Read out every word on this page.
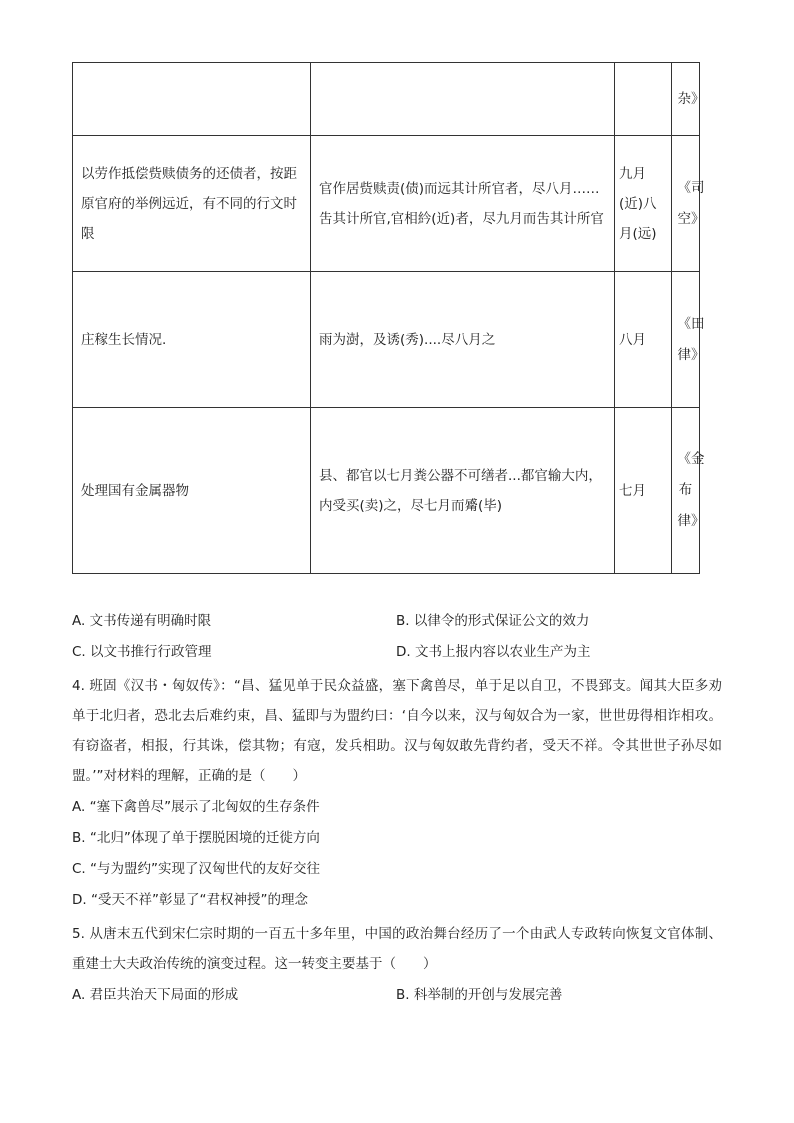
			杂》

以劳作抵偿赀赎债务的还债者，按距原官府的举例远近，有不同的行文时限	官作居赀赎责(债)而远其计所官者，尽八月……吿其计所官,官相紟(近)者，尽九月而吿其计所官	九月(近)八月(远)	《司空》

庄稼生长情况.	雨为澍，及诱(秀)....尽八月之	八月	《田律》

处理国有金属器物	县、都官以七月粪公器不可缮者...都官输大内，内受买(卖)之，尽七月而觱(毕)	七月	《金布律》
A. 文书传递有明确时限	B. 以律令的形式保证公文的效力
C. 以文书推行行政管理	D. 文书上报内容以农业生产为主
4. 班固《汉书・匈奴传》：“昌、猛见单于民众益盛，塞下禽兽尽，单于足以自卫，不畏郅支。闻其大臣多劝单于北归者，恐北去后难约束，昌、猛即与为盟约曰：‘自今以来，汉与匈奴合为一家，世世毋得相诈相攻。有窃盗者，相报，行其诛，偿其物；有寇，发兵相助。汉与匈奴敢先背约者，受天不祥。令其世世子孙尽如盟。’”对材料的理解，正确的是（　　）
A. “塞下禽兽尽”展示了北匈奴的生存条件
B. “北归”体现了单于摆脱困境的迁徙方向
C. “与为盟约”实现了汉匈世代的友好交往
D. “受天不祥”彰显了“君权神授”的理念
5. 从唐末五代到宋仁宗时期的一百五十多年里，中国的政治舞台经历了一个由武人专政转向恢复文官体制、重建士大夫政治传统的演变过程。这一转变主要基于（　　）
A. 君臣共治天下局面的形成	B. 科举制的开创与发展完善
